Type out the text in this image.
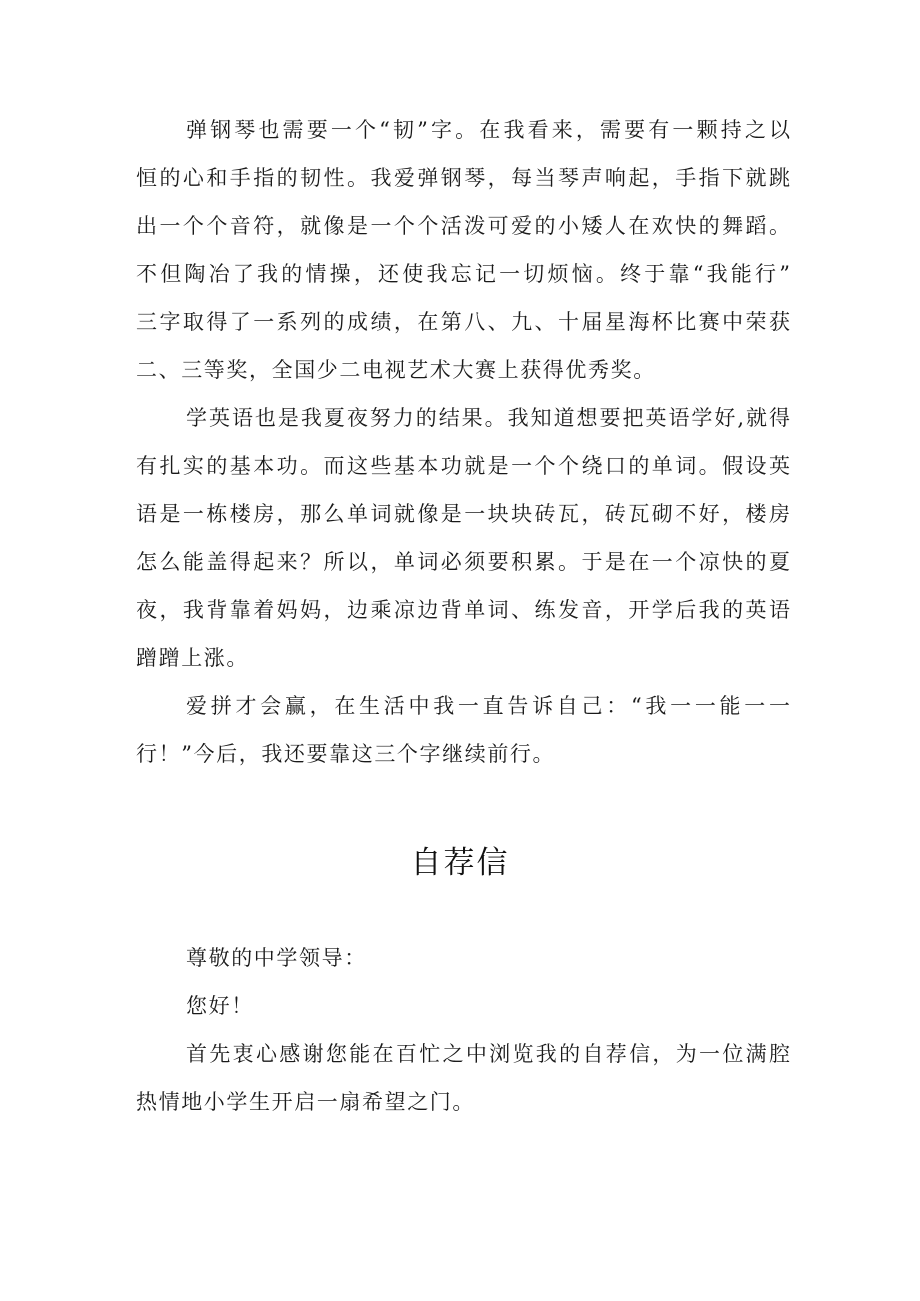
弹钢琴也需要一个“韧”字。在我看来，需要有一颗持之以
恒的心和手指的韧性。我爱弹钢琴，每当琴声响起，手指下就跳
出一个个音符，就像是一个个活泼可爱的小矮人在欢快的舞蹈。
不但陶冶了我的情操，还使我忘记一切烦恼。终于靠“我能行”
三字取得了一系列的成绩，在第八、九、十届星海杯比赛中荣获
二、三等奖，全国少二电视艺术大赛上获得优秀奖。
学英语也是我夏夜努力的结果。我知道想要把英语学好,就得
有扎实的基本功。而这些基本功就是一个个绕口的单词。假设英
语是一栋楼房，那么单词就像是一块块砖瓦，砖瓦砌不好，楼房
怎么能盖得起来？所以，单词必须要积累。于是在一个凉快的夏
夜，我背靠着妈妈，边乘凉边背单词、练发音，开学后我的英语
蹭蹭上涨。
爱拼才会赢，在生活中我一直告诉自己：“我一一能一一
行！”今后，我还要靠这三个字继续前行。
自荐信
尊敬的中学领导：
您好！
首先衷心感谢您能在百忙之中浏览我的自荐信，为一位满腔
热情地小学生开启一扇希望之门。
